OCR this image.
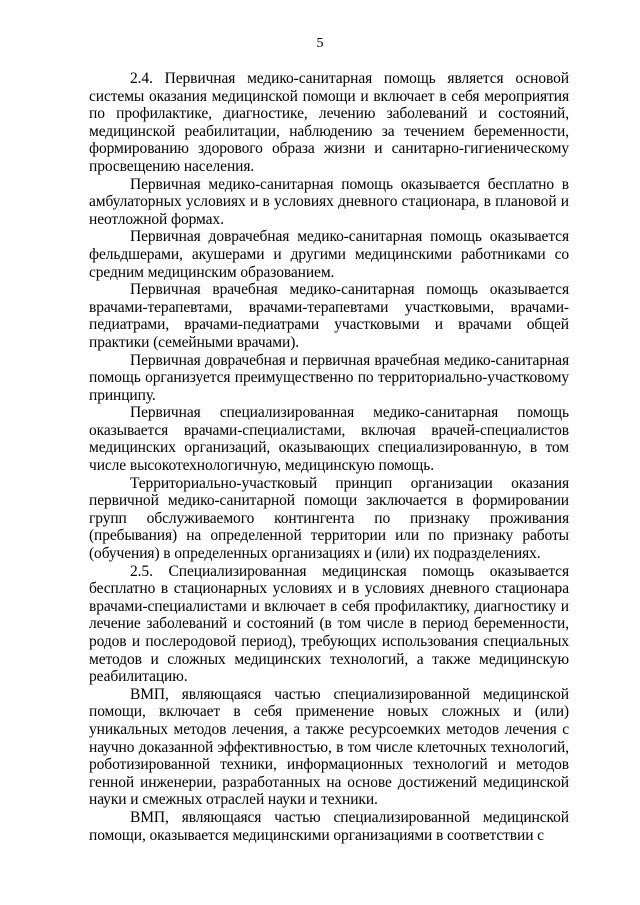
5

2.4. Первичная медико-санитарная помощь является основой системы оказания медицинской помощи и включает в себя мероприятия по профилактике, диагностике, лечению заболеваний и состояний, медицинской реабилитации, наблюдению за течением беременности, формированию здорового образа жизни и санитарно-гигиеническому просвещению населения.

Первичная медико-санитарная помощь оказывается бесплатно в амбулаторных условиях и в условиях дневного стационара, в плановой и неотложной формах.

Первичная доврачебная медико-санитарная помощь оказывается фельдшерами, акушерами и другими медицинскими работниками со средним медицинским образованием.

Первичная врачебная медико-санитарная помощь оказывается врачами-терапевтами, врачами-терапевтами участковыми, врачами-педиатрами, врачами-педиатрами участковыми и врачами общей практики (семейными врачами).

Первичная доврачебная и первичная врачебная медико-санитарная помощь организуется преимущественно по территориально-участковому принципу.

Первичная специализированная медико-санитарная помощь оказывается врачами-специалистами, включая врачей-специалистов медицинских организаций, оказывающих специализированную, в том числе высокотехнологичную, медицинскую помощь.

Территориально-участковый принцип организации оказания первичной медико-санитарной помощи заключается в формировании групп обслуживаемого контингента по признаку проживания (пребывания) на определенной территории или по признаку работы (обучения) в определенных организациях и (или) их подразделениях.

2.5. Специализированная медицинская помощь оказывается бесплатно в стационарных условиях и в условиях дневного стационара врачами-специалистами и включает в себя профилактику, диагностику и лечение заболеваний и состояний (в том числе в период беременности, родов и послеродовой период), требующих использования специальных методов и сложных медицинских технологий, а также медицинскую реабилитацию.

ВМП, являющаяся частью специализированной медицинской помощи, включает в себя применение новых сложных и (или) уникальных методов лечения, а также ресурсоемких методов лечения с научно доказанной эффективностью, в том числе клеточных технологий, роботизированной техники, информационных технологий и методов генной инженерии, разработанных на основе достижений медицинской науки и смежных отраслей науки и техники.

ВМП, являющаяся частью специализированной медицинской помощи, оказывается медицинскими организациями в соответствии с
